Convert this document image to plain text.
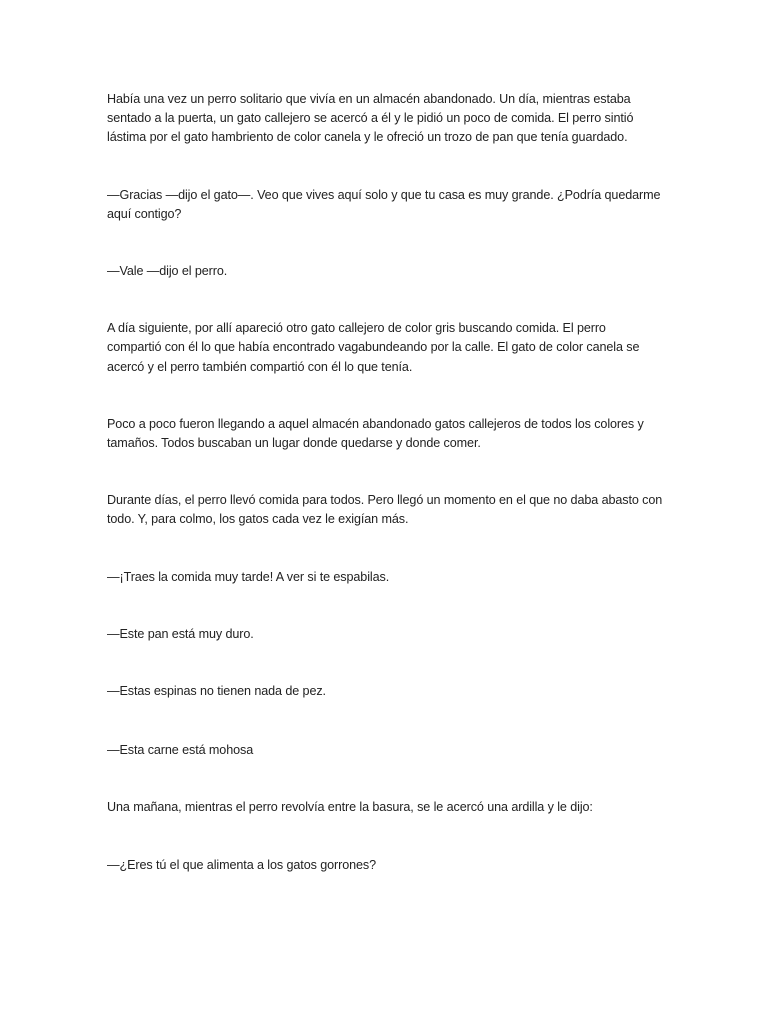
Había una vez un perro solitario que vivía en un almacén abandonado. Un día, mientras estaba sentado a la puerta, un gato callejero se acercó a él y le pidió un poco de comida. El perro sintió lástima por el gato hambriento de color canela y le ofreció un trozo de pan que tenía guardado.

—Gracias —dijo el gato—. Veo que vives aquí solo y que tu casa es muy grande. ¿Podría quedarme aquí contigo?

—Vale —dijo el perro.

A día siguiente, por allí apareció otro gato callejero de color gris buscando comida. El perro compartió con él lo que había encontrado vagabundeando por la calle. El gato de color canela se acercó y el perro también compartió con él lo que tenía.

Poco a poco fueron llegando a aquel almacén abandonado gatos callejeros de todos los colores y tamaños. Todos buscaban un lugar donde quedarse y donde comer.

Durante días, el perro llevó comida para todos. Pero llegó un momento en el que no daba abasto con todo. Y, para colmo, los gatos cada vez le exigían más.

—¡Traes la comida muy tarde! A ver si te espabilas.

—Este pan está muy duro.

—Estas espinas no tienen nada de pez.

—Esta carne está mohosa

Una mañana, mientras el perro revolvía entre la basura, se le acercó una ardilla y le dijo:

—¿Eres tú el que alimenta a los gatos gorrones?
